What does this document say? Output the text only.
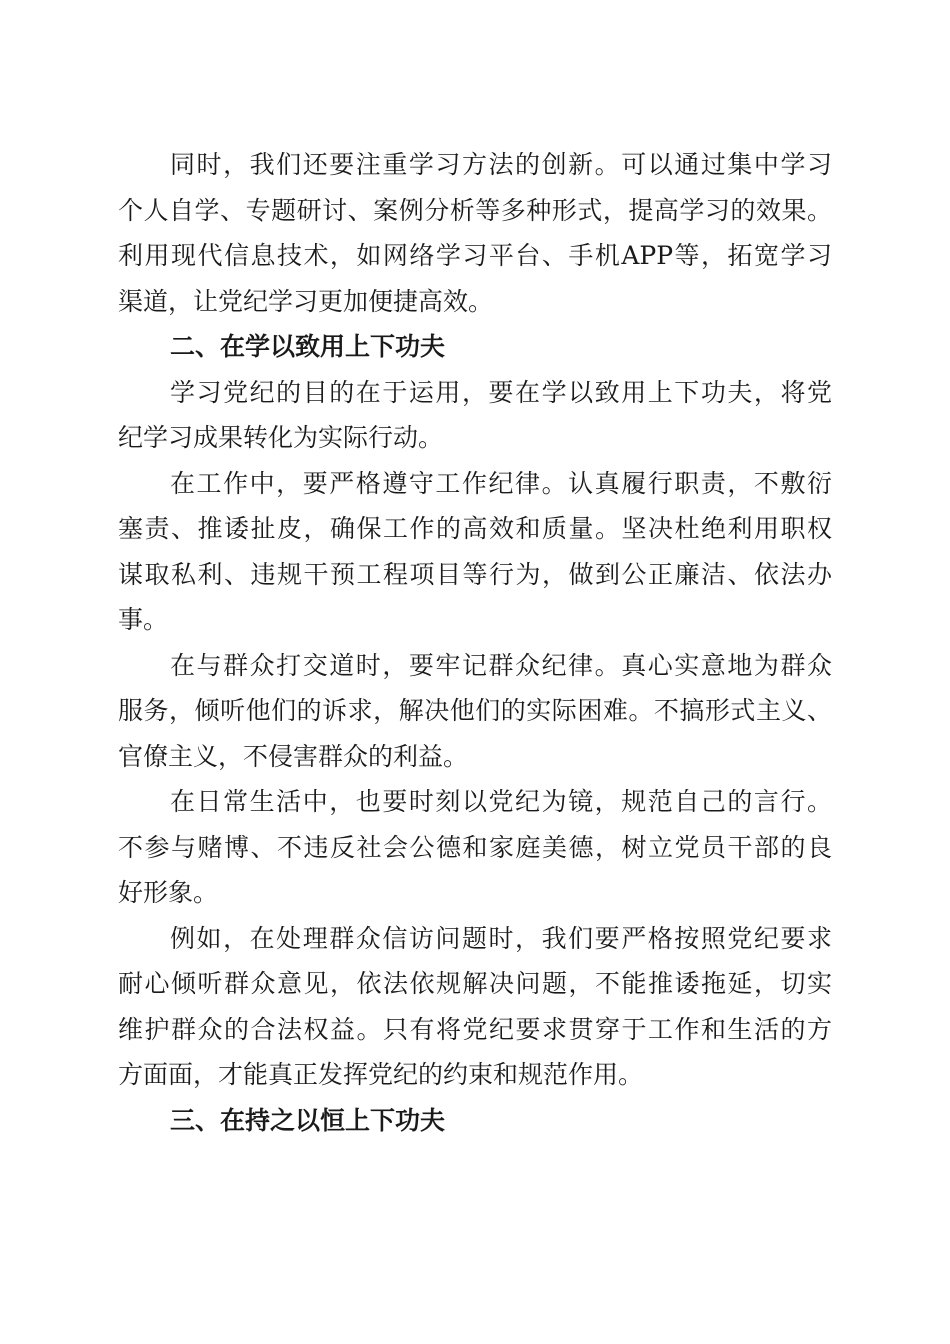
同时，我们还要注重学习方法的创新。可以通过集中学习
个人自学、专题研讨、案例分析等多种形式，提高学习的效果。
利用现代信息技术，如网络学习平台、手机APP等，拓宽学习
渠道，让党纪学习更加便捷高效。
二、在学以致用上下功夫
学习党纪的目的在于运用，要在学以致用上下功夫，将党
纪学习成果转化为实际行动。
在工作中，要严格遵守工作纪律。认真履行职责，不敷衍
塞责、推诿扯皮，确保工作的高效和质量。坚决杜绝利用职权
谋取私利、违规干预工程项目等行为，做到公正廉洁、依法办
事。
在与群众打交道时，要牢记群众纪律。真心实意地为群众
服务，倾听他们的诉求，解决他们的实际困难。不搞形式主义、
官僚主义，不侵害群众的利益。
在日常生活中，也要时刻以党纪为镜，规范自己的言行。
不参与赌博、不违反社会公德和家庭美德，树立党员干部的良
好形象。
例如，在处理群众信访问题时，我们要严格按照党纪要求
耐心倾听群众意见，依法依规解决问题，不能推诿拖延，切实
维护群众的合法权益。只有将党纪要求贯穿于工作和生活的方
方面面，才能真正发挥党纪的约束和规范作用。
三、在持之以恒上下功夫
